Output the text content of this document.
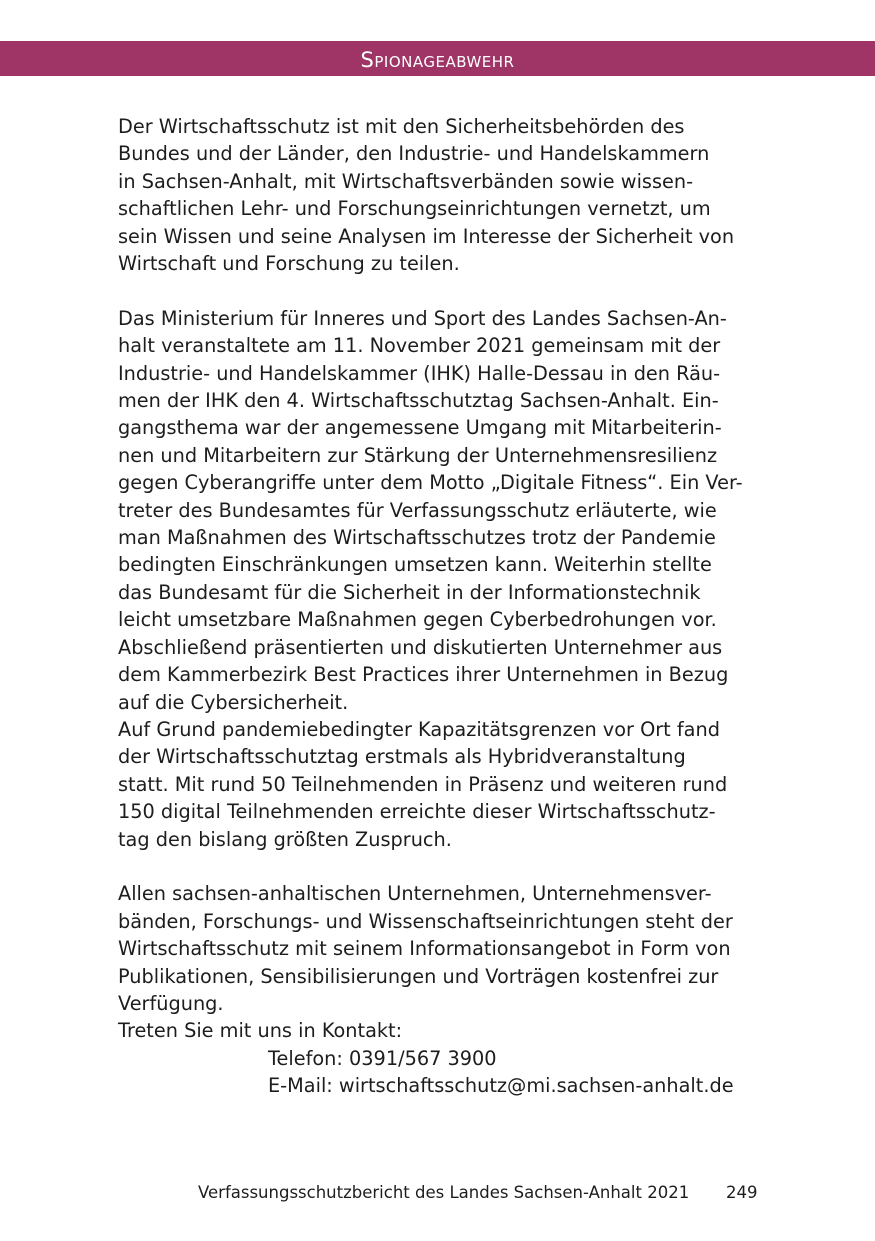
Spionageabwehr
Der Wirtschaftsschutz ist mit den Sicherheitsbehörden des
Bundes und der Länder, den Industrie- und Handelskammern
in Sachsen-Anhalt, mit Wirtschaftsverbänden sowie wissen-
schaftlichen Lehr- und Forschungseinrichtungen vernetzt, um
sein Wissen und seine Analysen im Interesse der Sicherheit von
Wirtschaft und Forschung zu teilen.
Das Ministerium für Inneres und Sport des Landes Sachsen-An-
halt veranstaltete am 11. November 2021 gemeinsam mit der
Industrie- und Handelskammer (IHK) Halle-Dessau in den Räu-
men der IHK den 4. Wirtschaftsschutztag Sachsen-Anhalt. Ein-
gangsthema war der angemessene Umgang mit Mitarbeiterin-
nen und Mitarbeitern zur Stärkung der Unternehmensresilienz
gegen Cyberangriffe unter dem Motto „Digitale Fitness“. Ein Ver-
treter des Bundesamtes für Verfassungsschutz erläuterte, wie
man Maßnahmen des Wirtschaftsschutzes trotz der Pandemie
bedingten Einschränkungen umsetzen kann. Weiterhin stellte
das Bundesamt für die Sicherheit in der Informationstechnik
leicht umsetzbare Maßnahmen gegen Cyberbedrohungen vor.
Abschließend präsentierten und diskutierten Unternehmer aus
dem Kammerbezirk Best Practices ihrer Unternehmen in Bezug
auf die Cybersicherheit.
Auf Grund pandemiebedingter Kapazitätsgrenzen vor Ort fand
der Wirtschaftsschutztag erstmals als Hybridveranstaltung
statt. Mit rund 50 Teilnehmenden in Präsenz und weiteren rund
150 digital Teilnehmenden erreichte dieser Wirtschaftsschutz-
tag den bislang größten Zuspruch.
Allen sachsen-anhaltischen Unternehmen, Unternehmensver-
bänden, Forschungs- und Wissenschaftseinrichtungen steht der
Wirtschaftsschutz mit seinem Informationsangebot in Form von
Publikationen, Sensibilisierungen und Vorträgen kostenfrei zur
Verfügung.
Treten Sie mit uns in Kontakt:
Telefon: 0391/567 3900
E-Mail: wirtschaftsschutz@mi.sachsen-anhalt.de
Verfassungsschutzbericht des Landes Sachsen-Anhalt 2021 249
